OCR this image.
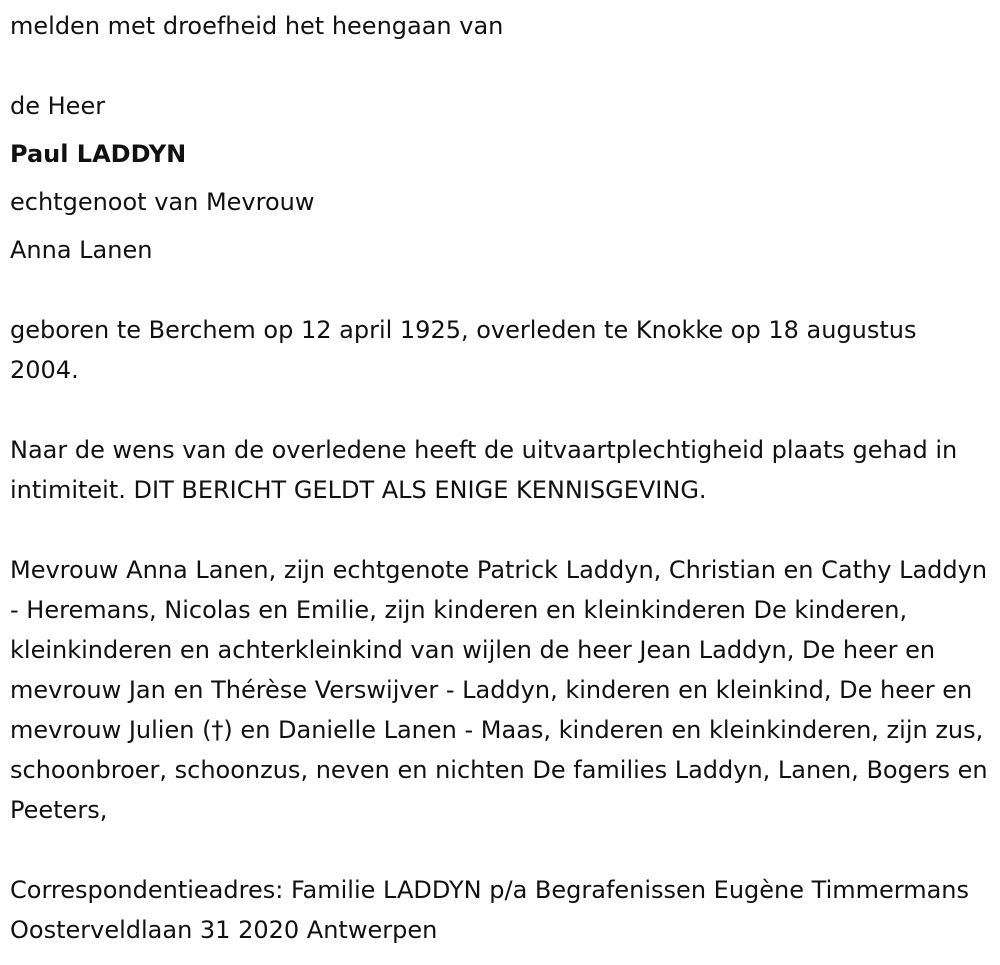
melden met droefheid het heengaan van
de Heer
Paul LADDYN
echtgenoot van Mevrouw
Anna Lanen
geboren te Berchem op 12 april 1925, overleden te Knokke op 18 augustus 2004.
Naar de wens van de overledene heeft de uitvaartplechtigheid plaats gehad in intimiteit. DIT BERICHT GELDT ALS ENIGE KENNISGEVING.
Mevrouw Anna Lanen, zijn echtgenote Patrick Laddyn, Christian en Cathy Laddyn - Heremans, Nicolas en Emilie, zijn kinderen en kleinkinderen De kinderen, kleinkinderen en achterkleinkind van wijlen de heer Jean Laddyn, De heer en mevrouw Jan en Thérèse Verswijver - Laddyn, kinderen en kleinkind, De heer en mevrouw Julien (†) en Danielle Lanen - Maas, kinderen en kleinkinderen, zijn zus, schoonbroer, schoonzus, neven en nichten De families Laddyn, Lanen, Bogers en Peeters,
Correspondentieadres: Familie LADDYN p/a Begrafenissen Eugène Timmermans Oosterveldlaan 31 2020 Antwerpen
